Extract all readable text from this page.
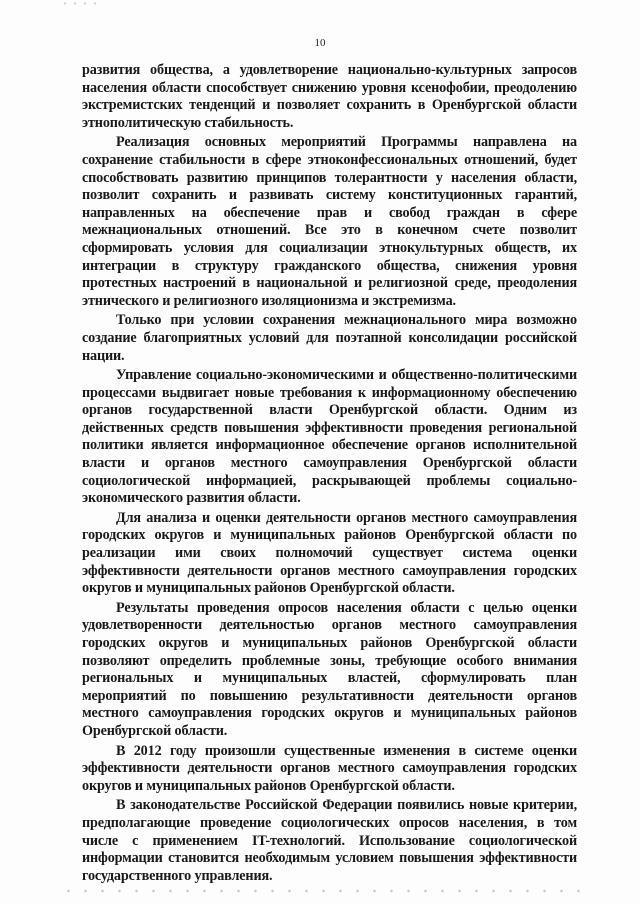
10

развития общества, а удовлетворение национально-культурных запросов населения области способствует снижению уровня ксенофобии, преодолению экстремистских тенденций и позволяет сохранить в Оренбургской области этнополитическую стабильность.

Реализация основных мероприятий Программы направлена на сохранение стабильности в сфере этноконфессиональных отношений, будет способствовать развитию принципов толерантности у населения области, позволит сохранить и развивать систему конституционных гарантий, направленных на обеспечение прав и свобод граждан в сфере межнациональных отношений. Все это в конечном счете позволит сформировать условия для социализации этнокультурных обществ, их интеграции в структуру гражданского общества, снижения уровня протестных настроений в национальной и религиозной среде, преодоления этнического и религиозного изоляционизма и экстремизма.

Только при условии сохранения межнационального мира возможно создание благоприятных условий для поэтапной консолидации российской нации.

Управление социально-экономическими и общественно-политическими процессами выдвигает новые требования к информационному обеспечению органов государственной власти Оренбургской области. Одним из действенных средств повышения эффективности проведения региональной политики является информационное обеспечение органов исполнительной власти и органов местного самоуправления Оренбургской области социологической информацией, раскрывающей проблемы социально-экономического развития области.

Для анализа и оценки деятельности органов местного самоуправления городских округов и муниципальных районов Оренбургской области по реализации ими своих полномочий существует система оценки эффективности деятельности органов местного самоуправления городских округов и муниципальных районов Оренбургской области.

Результаты проведения опросов населения области с целью оценки удовлетворенности деятельностью органов местного самоуправления городских округов и муниципальных районов Оренбургской области позволяют определить проблемные зоны, требующие особого внимания региональных и муниципальных властей, сформулировать план мероприятий по повышению результативности деятельности органов местного самоуправления городских округов и муниципальных районов Оренбургской области.

В 2012 году произошли существенные изменения в системе оценки эффективности деятельности органов местного самоуправления городских округов и муниципальных районов Оренбургской области.

В законодательстве Российской Федерации появились новые критерии, предполагающие проведение социологических опросов населения, в том числе с применением IT-технологий. Использование социологической информации становится необходимым условием повышения эффективности государственного управления.
